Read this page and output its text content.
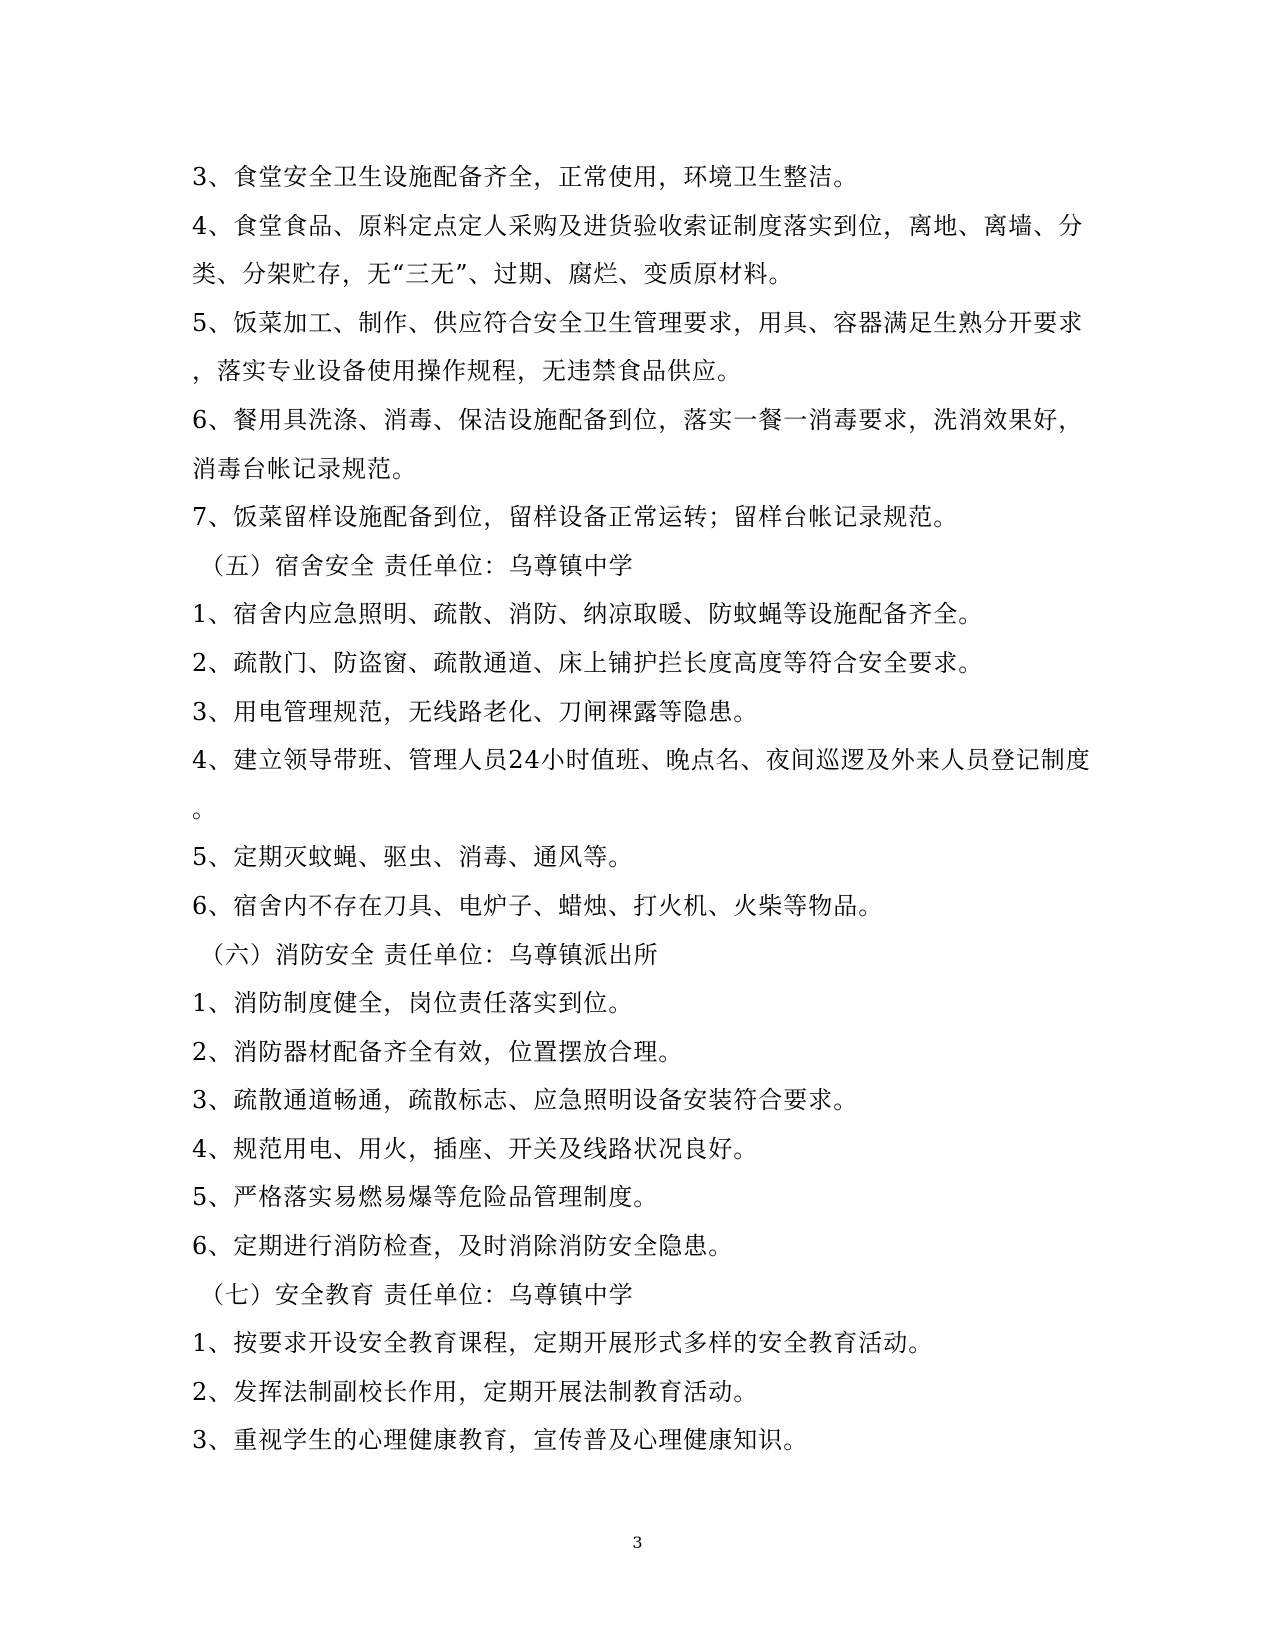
3、食堂安全卫生设施配备齐全，正常使用，环境卫生整洁。
4、食堂食品、原料定点定人采购及进货验收索证制度落实到位，离地、离墙、分
类、分架贮存，无“三无”、过期、腐烂、变质原材料。
5、饭菜加工、制作、供应符合安全卫生管理要求，用具、容器满足生熟分开要求
，落实专业设备使用操作规程，无违禁食品供应。
6、餐用具洗涤、消毒、保洁设施配备到位，落实一餐一消毒要求，洗消效果好，
消毒台帐记录规范。
7、饭菜留样设施配备到位，留样设备正常运转；留样台帐记录规范。
（五）宿舍安全 责任单位：乌尊镇中学
1、宿舍内应急照明、疏散、消防、纳凉取暖、防蚊蝇等设施配备齐全。
2、疏散门、防盗窗、疏散通道、床上铺护拦长度高度等符合安全要求。
3、用电管理规范，无线路老化、刀闸裸露等隐患。
4、建立领导带班、管理人员24小时值班、晚点名、夜间巡逻及外来人员登记制度
。
5、定期灭蚊蝇、驱虫、消毒、通风等。
6、宿舍内不存在刀具、电炉子、蜡烛、打火机、火柴等物品。
（六）消防安全 责任单位：乌尊镇派出所
1、消防制度健全，岗位责任落实到位。
2、消防器材配备齐全有效，位置摆放合理。
3、疏散通道畅通，疏散标志、应急照明设备安装符合要求。
4、规范用电、用火，插座、开关及线路状况良好。
5、严格落实易燃易爆等危险品管理制度。
6、定期进行消防检查，及时消除消防安全隐患。
（七）安全教育 责任单位：乌尊镇中学
1、按要求开设安全教育课程，定期开展形式多样的安全教育活动。
2、发挥法制副校长作用，定期开展法制教育活动。
3、重视学生的心理健康教育，宣传普及心理健康知识。
3
